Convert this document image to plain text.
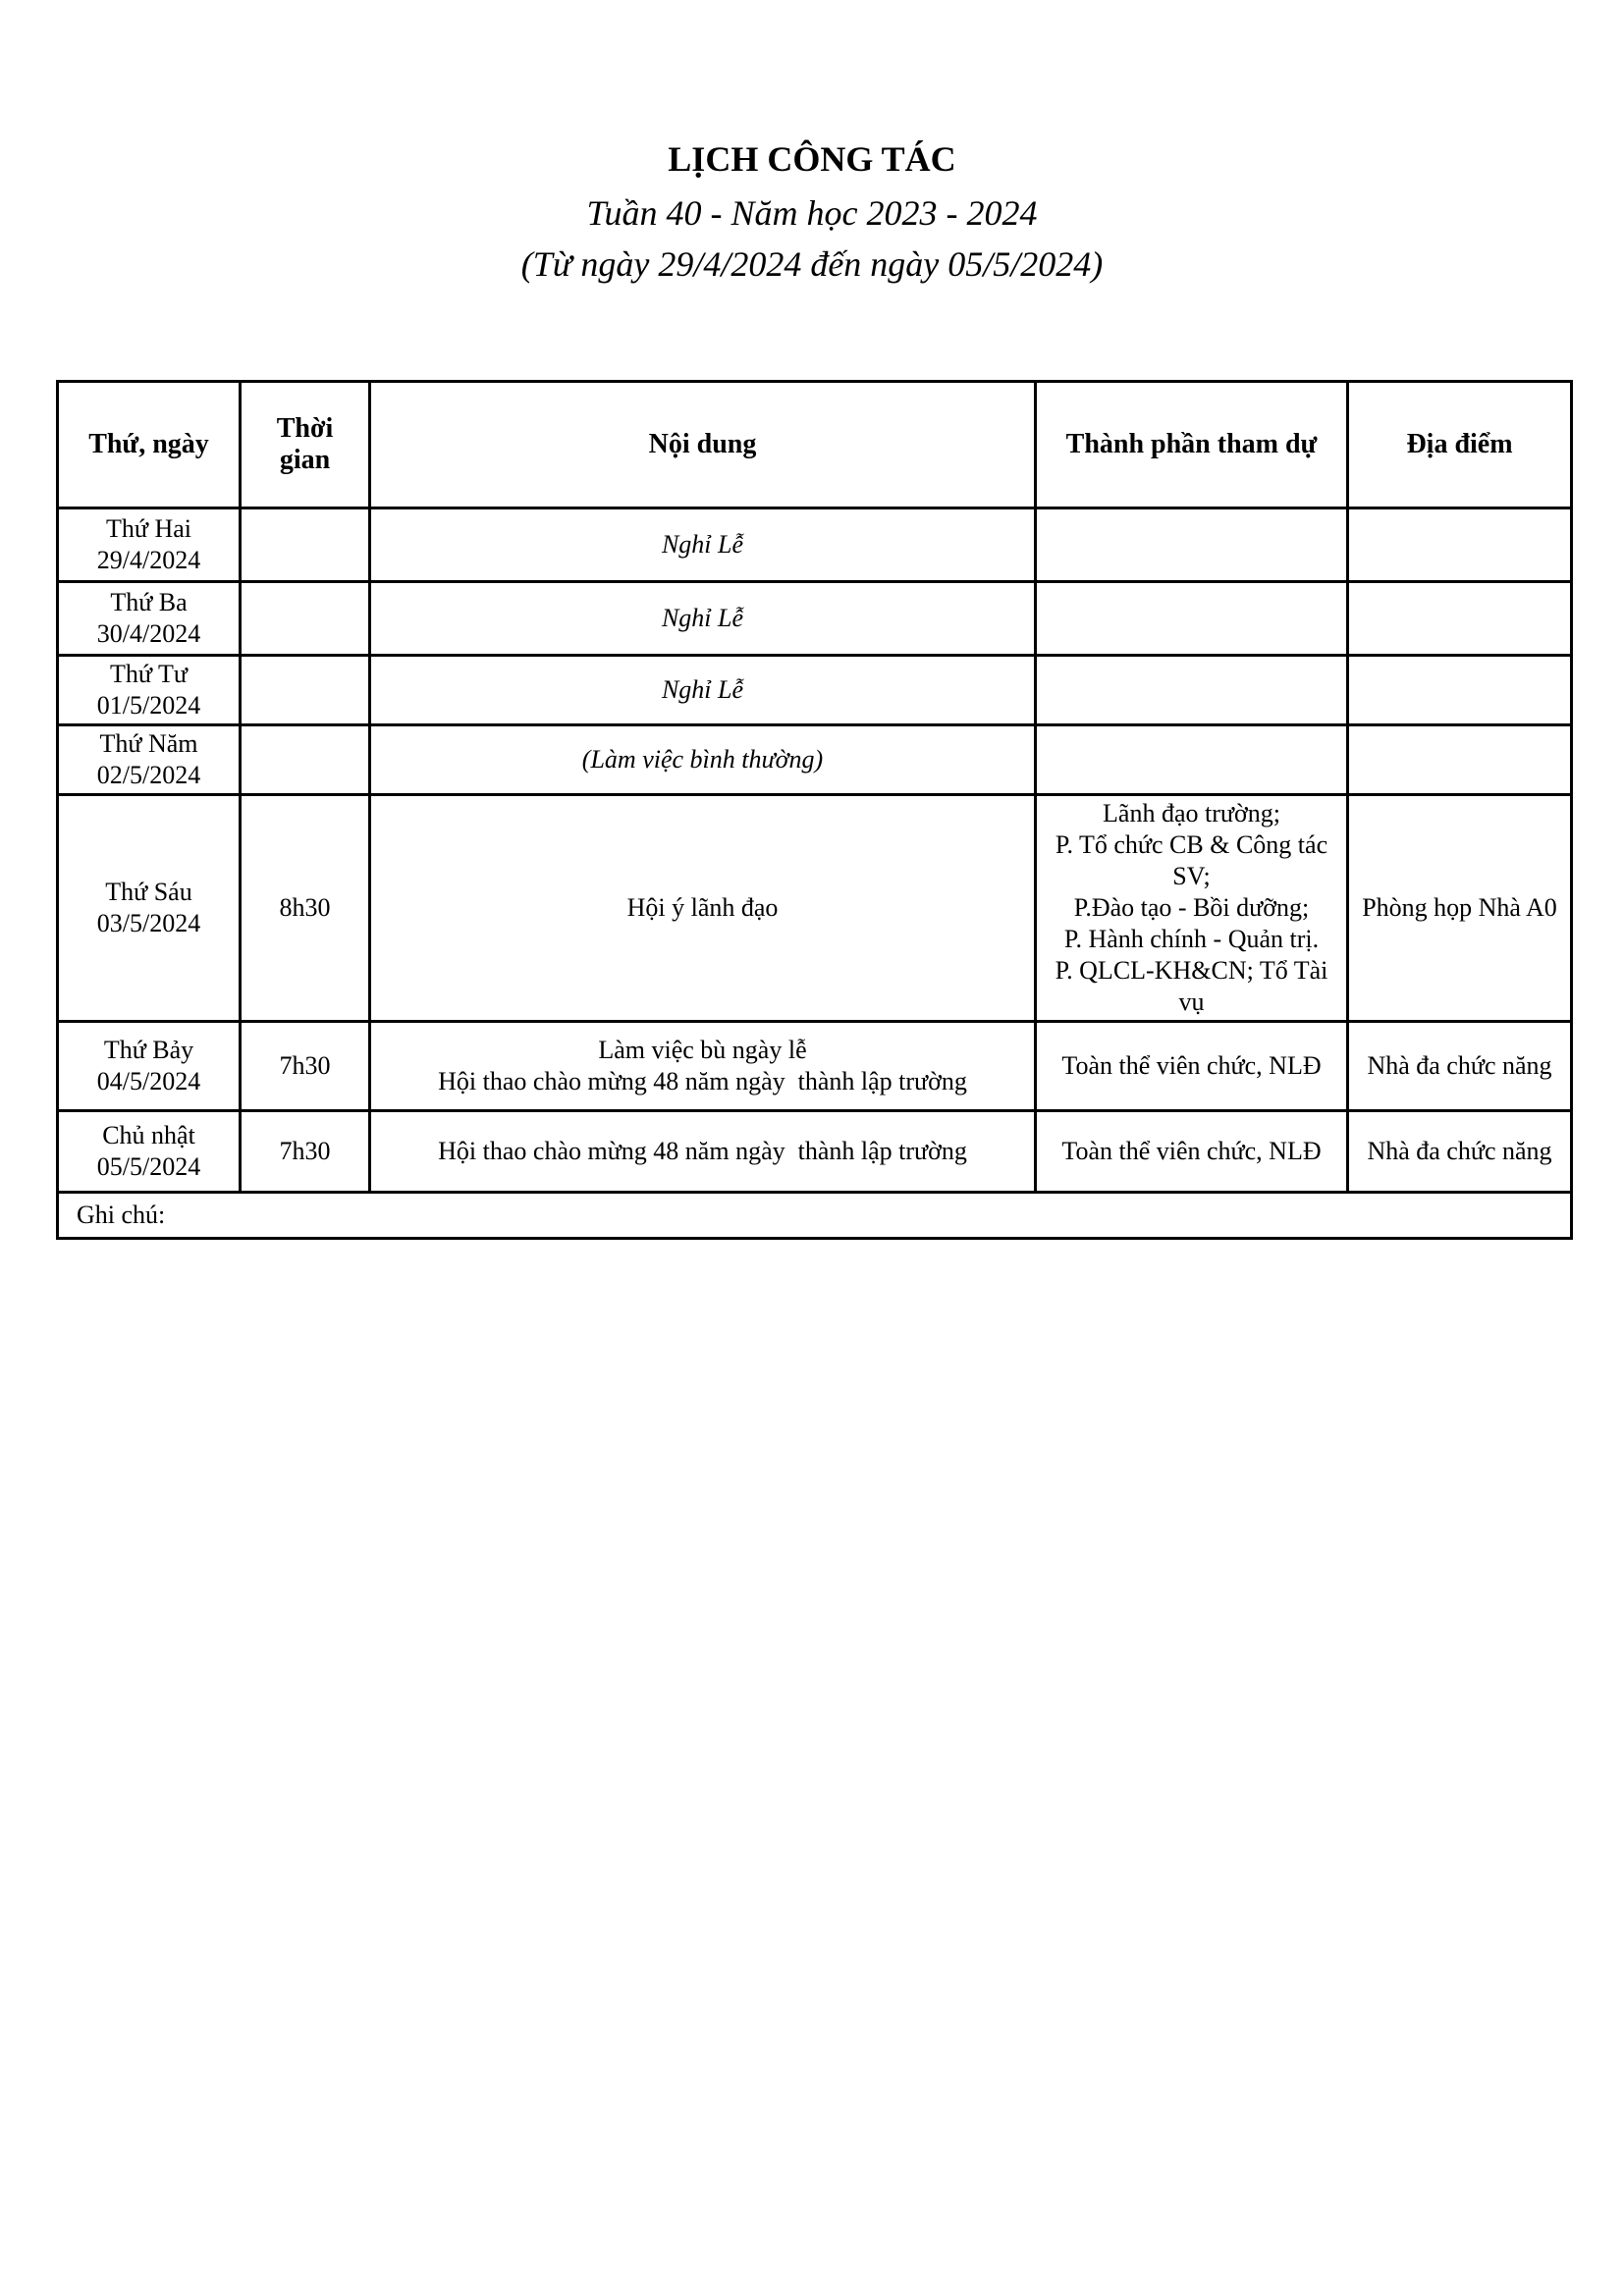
LỊCH CÔNG TÁC
Tuần 40 - Năm học 2023 - 2024
(Từ ngày 29/4/2024 đến ngày 05/5/2024)
Thứ, ngày	Thời gian	Nội dung	Thành phần tham dự	Địa điểm

Thứ Hai
29/4/2024		Nghỉ Lễ		

Thứ Ba
30/4/2024		Nghỉ Lễ		

Thứ Tư
01/5/2024		Nghỉ Lễ		

Thứ Năm
02/5/2024		(Làm việc bình thường)		

Thứ Sáu
03/5/2024	8h30	Hội ý lãnh đạo	Lãnh đạo trường;
P. Tổ chức CB & Công tác SV;
P.Đào tạo - Bồi dưỡng;
P. Hành chính - Quản trị.
P. QLCL-KH&CN; Tổ Tài vụ	Phòng họp Nhà A0

Thứ Bảy
04/5/2024	7h30	Làm việc bù ngày lễ
Hội thao chào mừng 48 năm ngày  thành lập trường	Toàn thể viên chức, NLĐ	Nhà đa chức năng

Chủ nhật
05/5/2024	7h30	Hội thao chào mừng 48 năm ngày  thành lập trường	Toàn thể viên chức, NLĐ	Nhà đa chức năng
Ghi chú:				
